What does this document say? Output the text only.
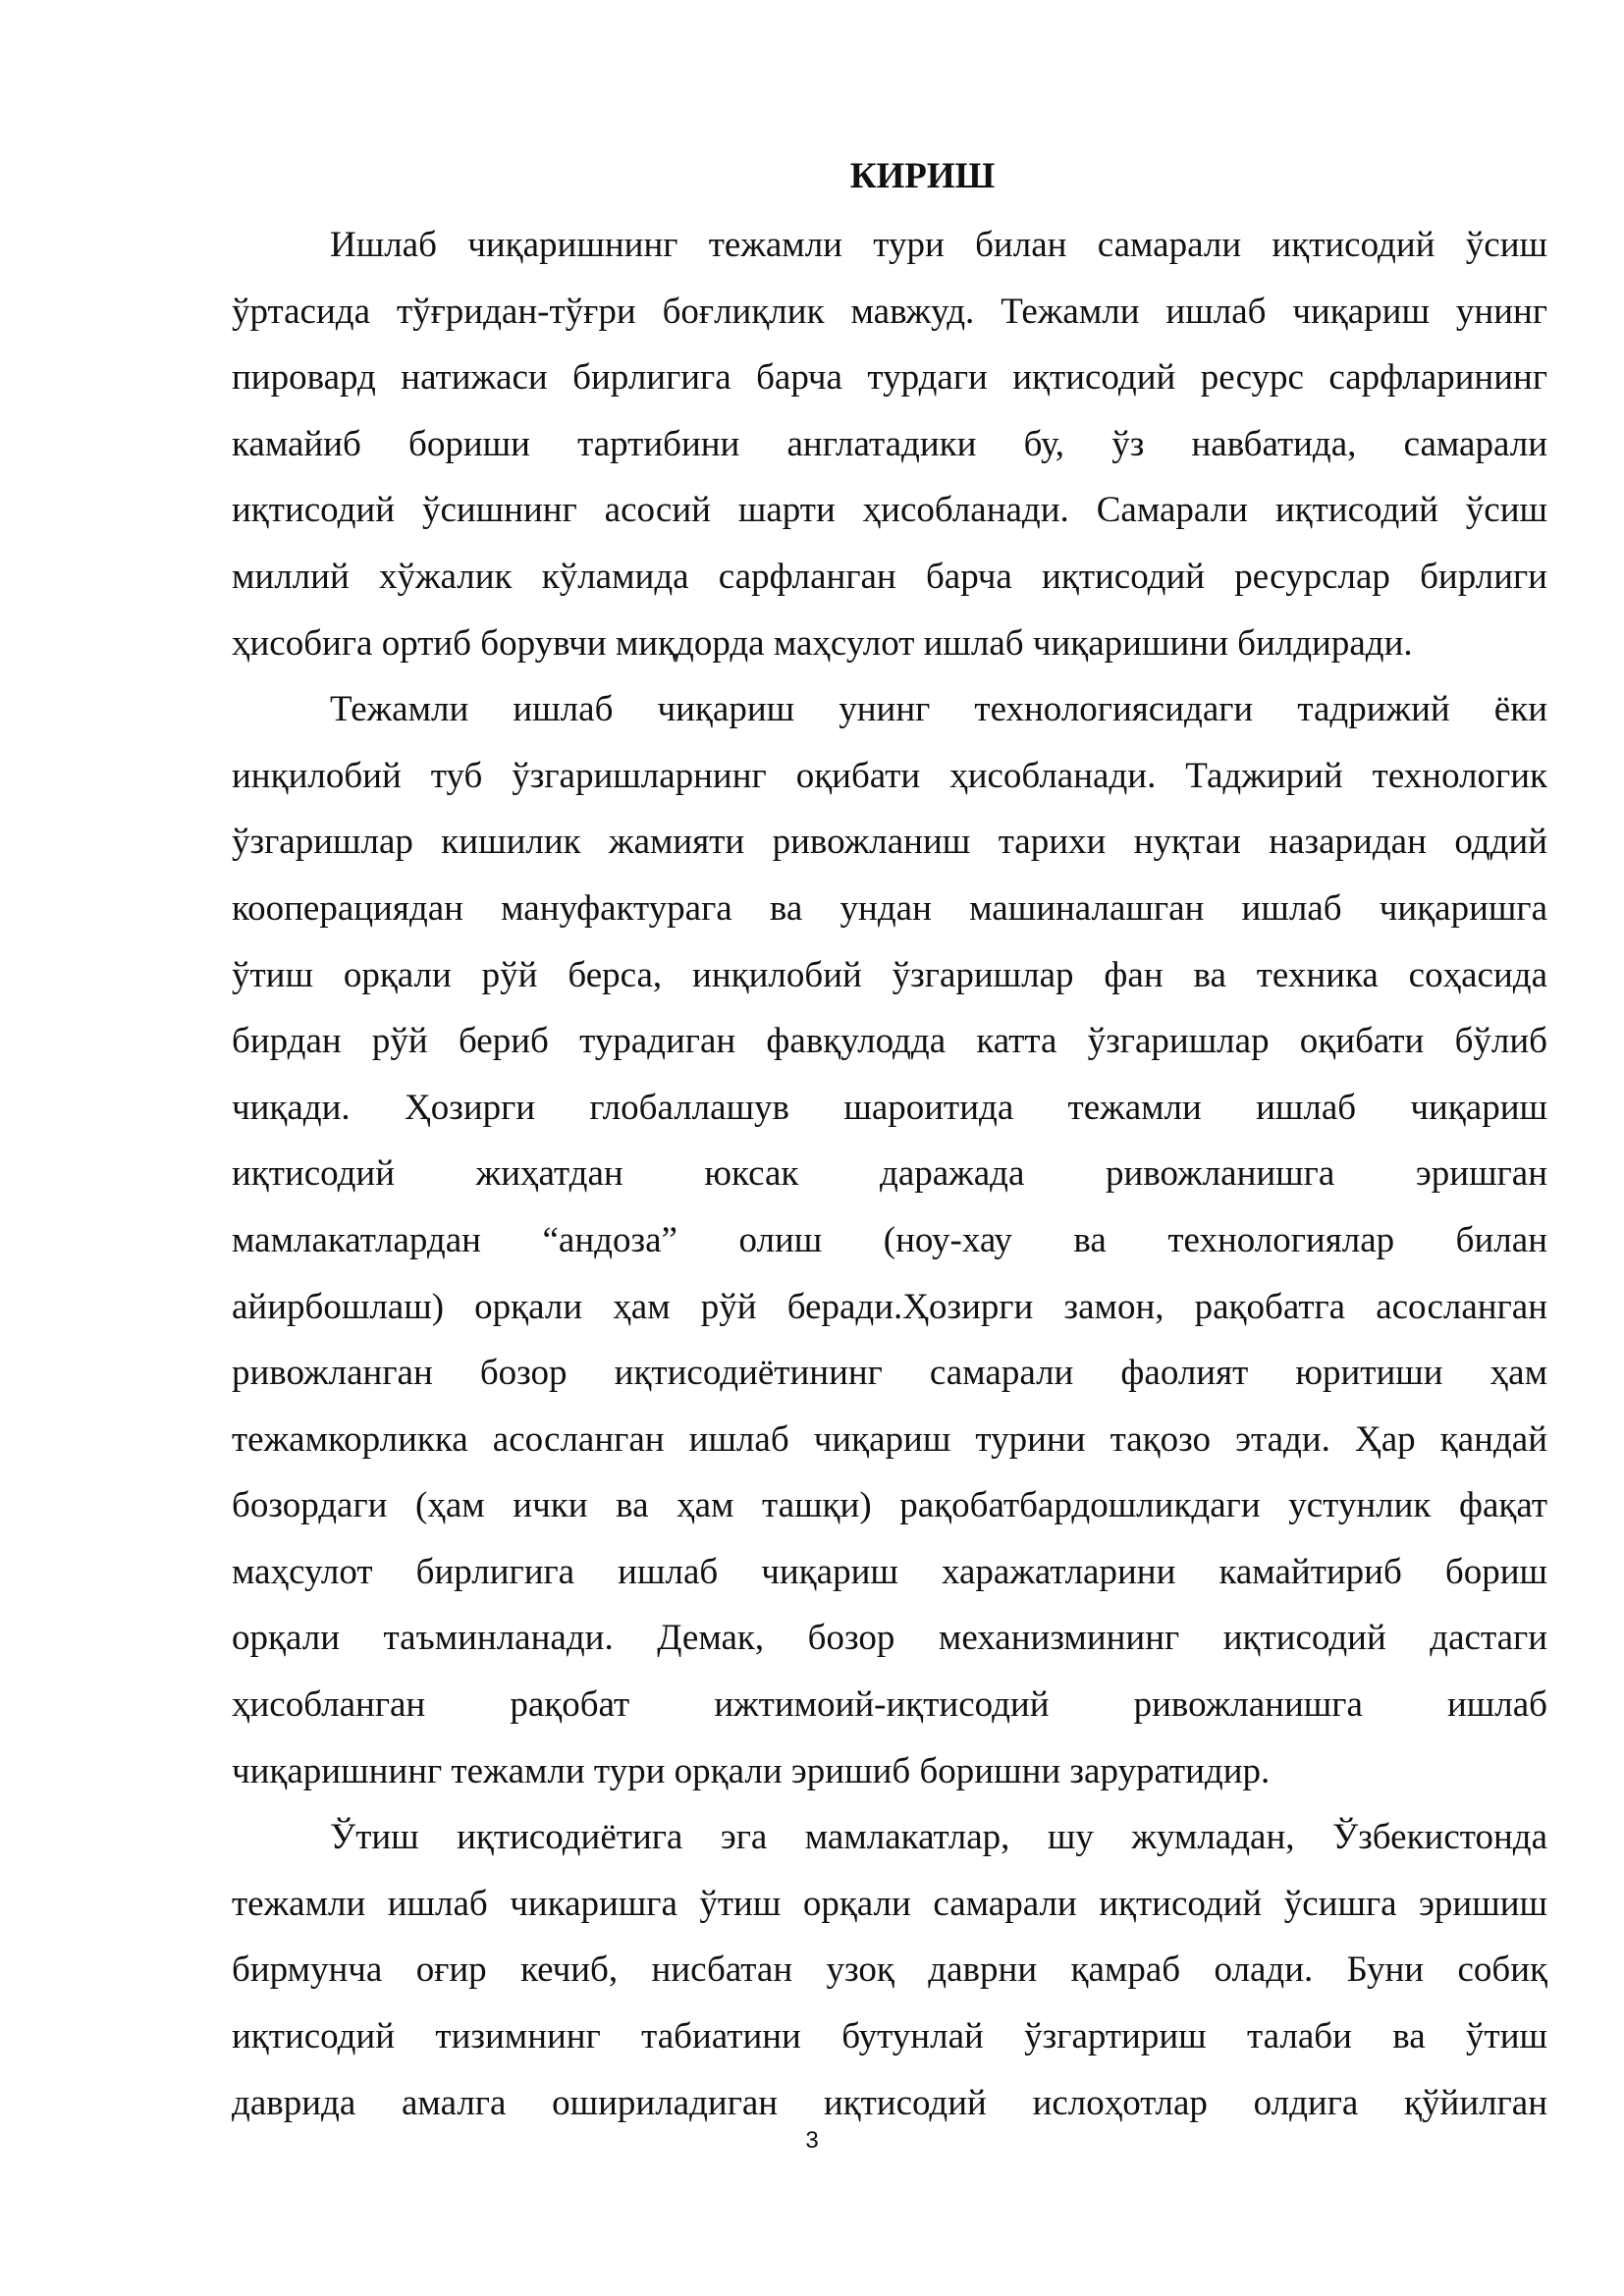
КИРИШ

Ишлаб чиқаришнинг тежамли тури билан самарали иқтисодий ўсиш
ўртасида тўғридан-тўғри боғлиқлик мавжуд. Тежамли ишлаб чиқариш унинг
пировард натижаси бирлигига барча турдаги иқтисодий ресурс сарфларининг
камайиб бориши тартибини англатадики бу, ўз навбатида, самарали
иқтисодий ўсишнинг асосий шарти ҳисобланади. Самарали иқтисодий ўсиш
миллий хўжалик кўламида сарфланган барча иқтисодий ресурслар бирлиги
ҳисобига ортиб борувчи миқдорда маҳсулот ишлаб чиқаришини билдиради.

Тежамли ишлаб чиқариш унинг технологиясидаги тадрижий ёки
инқилобий туб ўзгаришларнинг оқибати ҳисобланади. Таджирий технологик
ўзгаришлар кишилик жамияти ривожланиш тарихи нуқтаи назаридан оддий
кооперациядан мануфактурага ва ундан машиналашган ишлаб чиқаришга
ўтиш орқали рўй берса, инқилобий ўзгаришлар фан ва техника соҳасида
бирдан рўй бериб турадиган фавқулодда катта ўзгаришлар оқибати бўлиб
чиқади. Ҳозирги глобаллашув шароитида тежамли ишлаб чиқариш
иқтисодий жиҳатдан юксак даражада ривожланишга эришган
мамлакатлардан “андоза” олиш (ноу-хау ва технологиялар билан
айирбошлаш) орқали ҳам рўй беради.Ҳозирги замон, рақобатга асосланган
ривожланган бозор иқтисодиётининг самарали фаолият юритиши ҳам
тежамкорликка асосланган ишлаб чиқариш турини тақозо этади. Ҳар қандай
бозордаги (ҳам ички ва ҳам ташқи) рақобатбардошликдаги устунлик фақат
маҳсулот бирлигига ишлаб чиқариш харажатларини камайтириб бориш
орқали таъминланади. Демак, бозор механизмининг иқтисодий дастаги
ҳисобланган рақобат ижтимоий-иқтисодий ривожланишга ишлаб
чиқаришнинг тежамли тури орқали эришиб боришни заруратидир.

Ўтиш иқтисодиётига эга мамлакатлар, шу жумладан, Ўзбекистонда
тежамли ишлаб чикаришга ўтиш орқали самарали иқтисодий ўсишга эришиш
бирмунча оғир кечиб, нисбатан узоқ даврни қамраб олади. Буни собиқ
иқтисодий тизимнинг табиатини бутунлай ўзгартириш талаби ва ўтиш
даврида амалга ошириладиган иқтисодий ислоҳотлар олдига қўйилган

3
